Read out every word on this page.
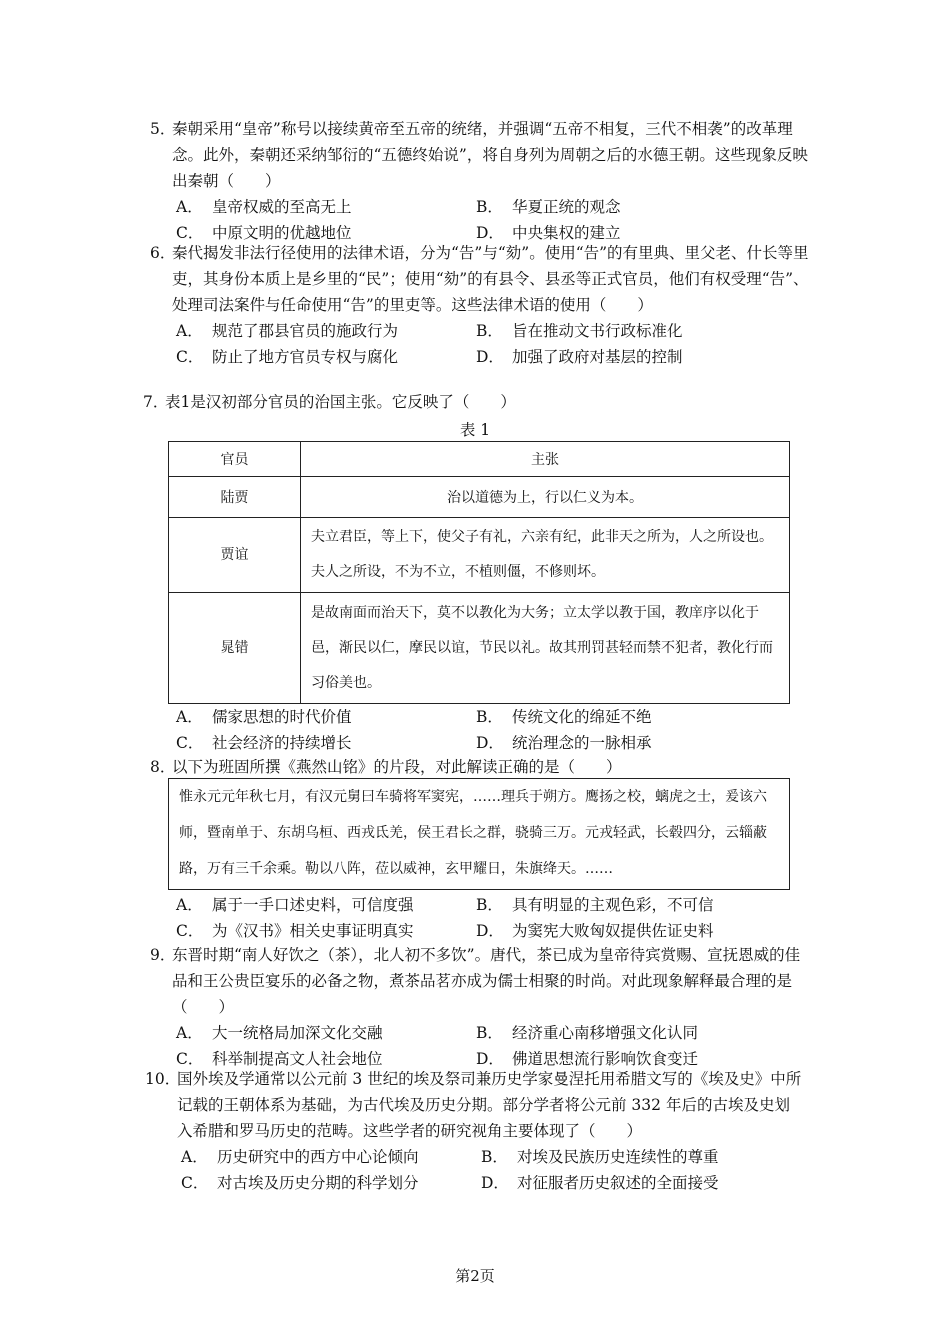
5．秦朝采用“皇帝”称号以接续黄帝至五帝的统绪，并强调“五帝不相复，三代不相袭”的改革理念。此外，秦朝还采纳邹衍的“五德终始说”，将自身列为周朝之后的水德王朝。这些现象反映出秦朝（　　）

A． 皇帝权威的至高无上	B． 华夏正统的观念
C． 中原文明的优越地位	D． 中央集权的建立

6．秦代揭发非法行径使用的法律术语，分为“告”与“劾”。使用“告”的有里典、里父老、什长等里吏，其身份本质上是乡里的“民”；使用“劾”的有县令、县丞等正式官员，他们有权受理“告”、处理司法案件与任命使用“告”的里吏等。这些法律术语的使用（　　）

A． 规范了郡县官员的施政行为	B． 旨在推动文书行政标准化
C． 防止了地方官员专权与腐化	D． 加强了政府对基层的控制

7．表1是汉初部分官员的治国主张。它反映了（　　）

表 1
官员	主张
陆贾	治以道德为上，行以仁义为本。
贾谊	夫立君臣，等上下，使父子有礼，六亲有纪，此非天之所为，人之所设也。夫人之所设，不为不立，不植则僵，不修则坏。
晁错	是故南面而治天下，莫不以教化为大务；立太学以教于国，教庠序以化于邑，渐民以仁，摩民以谊，节民以礼。故其刑罚甚轻而禁不犯者，教化行而习俗美也。
A． 儒家思想的时代价值	B． 传统文化的绵延不绝
C． 社会经济的持续增长	D． 统治理念的一脉相承

8．以下为班固所撰《燕然山铭》的片段，对此解读正确的是（　　）

惟永元元年秋七月，有汉元舅曰车骑将军窦宪，……理兵于朔方。鹰扬之校，螭虎之士，爰该六师，暨南单于、东胡乌桓、西戎氐羌，侯王君长之群，骁骑三万。元戎轻武，长毂四分，云辎蔽路，万有三千余乘。勒以八阵，莅以威神，玄甲耀日，朱旗绛天。……
A． 属于一手口述史料，可信度强	B． 具有明显的主观色彩，不可信
C． 为《汉书》相关史事证明真实	D． 为窦宪大败匈奴提供佐证史料

9．东晋时期“南人好饮之（茶），北人初不多饮”。唐代，茶已成为皇帝待宾赏赐、宣抚恩威的佳品和王公贵臣宴乐的必备之物，煮茶品茗亦成为儒士相聚的时尚。对此现象解释最合理的是（　　）

A． 大一统格局加深文化交融	B． 经济重心南移增强文化认同
C． 科举制提高文人社会地位	D． 佛道思想流行影响饮食变迁

10．国外埃及学通常以公元前 3 世纪的埃及祭司兼历史学家曼涅托用希腊文写的《埃及史》中所记载的王朝体系为基础，为古代埃及历史分期。部分学者将公元前 332 年后的古埃及史划入希腊和罗马历史的范畴。这些学者的研究视角主要体现了（　　）

A． 历史研究中的西方中心论倾向	B． 对埃及民族历史连续性的尊重
C． 对古埃及历史分期的科学划分	D． 对征服者历史叙述的全面接受
第2页
